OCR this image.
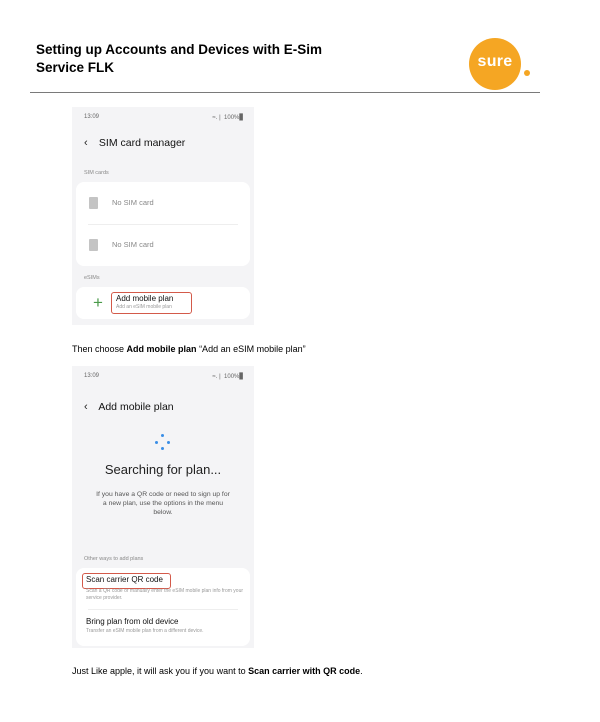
Setting up Accounts and Devices with E-Sim Service FLK	sure
13:09	≈.❘ 100%▊
‹ SIM card manager
SIM cards
No SIM card
No SIM card
eSIMs
+ Add mobile plan
Add an eSIM mobile plan
Then choose Add mobile plan “Add an eSIM mobile plan”
13:09	≈.❘ 100%▊
‹ Add mobile plan
Searching for plan...
If you have a QR code or need to sign up for a new plan, use the options in the menu below.
Other ways to add plans
Scan carrier QR code
Scan a QR code or manually enter the eSIM mobile plan info from your service provider.
Bring plan from old device
Transfer an eSIM mobile plan from a different device.
Just Like apple, it will ask you if you want to Scan carrier with QR code.
